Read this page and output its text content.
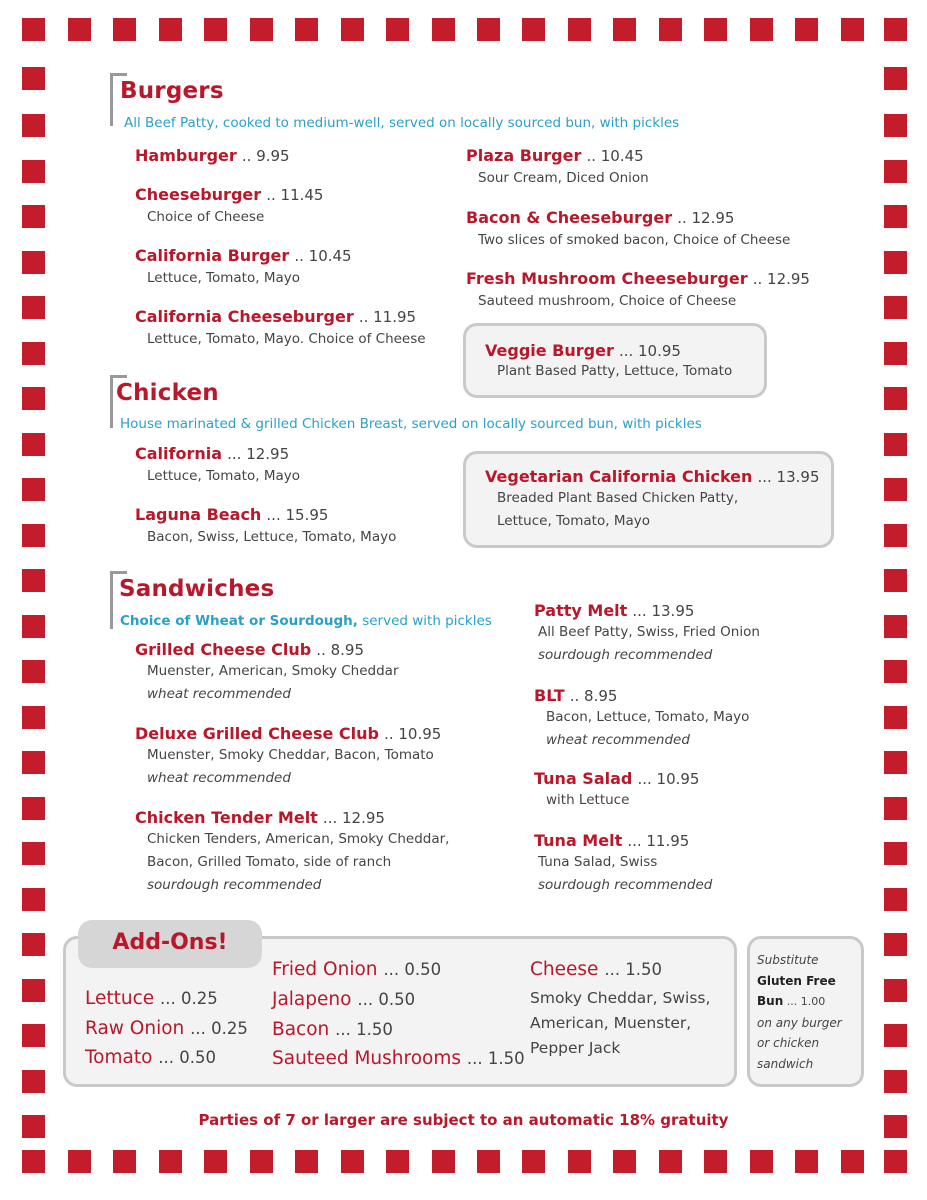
Burgers
All Beef Patty, cooked to medium-well, served on locally sourced bun, with pickles
Hamburger .. 9.95
Cheeseburger .. 11.45
Choice of Cheese
California Burger .. 10.45
Lettuce, Tomato, Mayo
California Cheeseburger .. 11.95
Lettuce, Tomato, Mayo. Choice of Cheese
Plaza Burger .. 10.45
Sour Cream, Diced Onion
Bacon & Cheeseburger .. 12.95
Two slices of smoked bacon, Choice of Cheese
Fresh Mushroom Cheeseburger .. 12.95
Sauteed mushroom, Choice of Cheese
Veggie Burger ... 10.95
Plant Based Patty, Lettuce, Tomato
Chicken
House marinated & grilled Chicken Breast, served on locally sourced bun, with pickles
California ... 12.95
Lettuce, Tomato, Mayo
Laguna Beach ... 15.95
Bacon, Swiss, Lettuce, Tomato, Mayo
Vegetarian California Chicken ... 13.95
Breaded Plant Based Chicken Patty,
Lettuce, Tomato, Mayo
Sandwiches
Choice of Wheat or Sourdough, served with pickles
Grilled Cheese Club .. 8.95
Muenster, American, Smoky Cheddar
wheat recommended
Deluxe Grilled Cheese Club .. 10.95
Muenster, Smoky Cheddar, Bacon, Tomato
wheat recommended
Chicken Tender Melt ... 12.95
Chicken Tenders, American, Smoky Cheddar,
Bacon, Grilled Tomato, side of ranch
sourdough recommended
Patty Melt ... 13.95
All Beef Patty, Swiss, Fried Onion
sourdough recommended
BLT .. 8.95
Bacon, Lettuce, Tomato, Mayo
wheat recommended
Tuna Salad ... 10.95
with Lettuce
Tuna Melt ... 11.95
Tuna Salad, Swiss
sourdough recommended
Add-Ons!
Lettuce ... 0.25
Raw Onion ... 0.25
Tomato ... 0.50
Fried Onion ... 0.50
Jalapeno ... 0.50
Bacon ... 1.50
Sauteed Mushrooms ... 1.50
Cheese ... 1.50
Smoky Cheddar, Swiss,
American, Muenster,
Pepper Jack
Substitute
Gluten Free
Bun ... 1.00
on any burger
or chicken
sandwich
Parties of 7 or larger are subject to an automatic 18% gratuity
